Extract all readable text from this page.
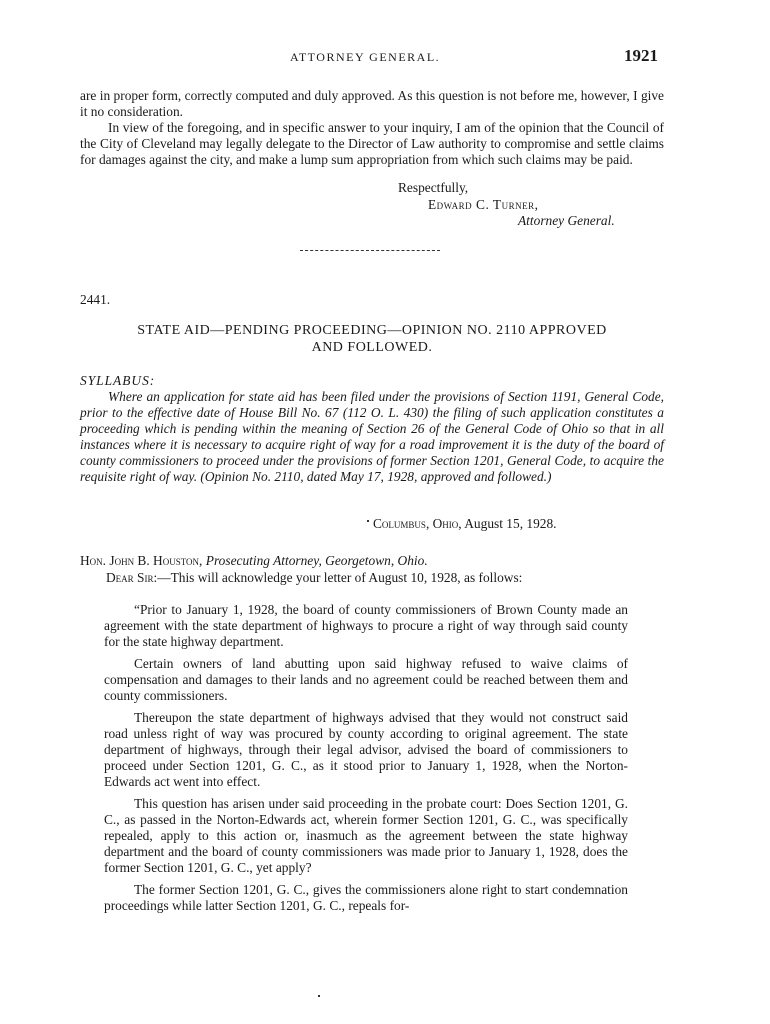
ATTORNEY GENERAL.	1921

are in proper form, correctly computed and duly approved. As this question is not before me, however, I give it no consideration.

In view of the foregoing, and in specific answer to your inquiry, I am of the opinion that the Council of the City of Cleveland may legally delegate to the Director of Law authority to compromise and settle claims for damages against the city, and make a lump sum appropriation from which such claims may be paid.

Respectfully,
Edward C. Turner,
Attorney General.
2441.
STATE AID—PENDING PROCEEDING—OPINION NO. 2110 APPROVED
AND FOLLOWED.
SYLLABUS:
Where an application for state aid has been filed under the provisions of Section 1191, General Code, prior to the effective date of House Bill No. 67 (112 O. L. 430) the filing of such application constitutes a proceeding which is pending within the meaning of Section 26 of the General Code of Ohio so that in all instances where it is necessary to acquire right of way for a road improvement it is the duty of the board of county commissioners to proceed under the provisions of former Section 1201, General Code, to acquire the requisite right of way. (Opinion No. 2110, dated May 17, 1928, approved and followed.)
Columbus, Ohio, August 15, 1928.
Hon. John B. Houston, Prosecuting Attorney, Georgetown, Ohio.
Dear Sir:—This will acknowledge your letter of August 10, 1928, as follows:

“Prior to January 1, 1928, the board of county commissioners of Brown County made an agreement with the state department of highways to procure a right of way through said county for the state highway department.

Certain owners of land abutting upon said highway refused to waive claims of compensation and damages to their lands and no agreement could be reached between them and county commissioners.

Thereupon the state department of highways advised that they would not construct said road unless right of way was procured by county according to original agreement. The state department of highways, through their legal advisor, advised the board of commissioners to proceed under Section 1201, G. C., as it stood prior to January 1, 1928, when the Norton-Edwards act went into effect.

This question has arisen under said proceeding in the probate court: Does Section 1201, G. C., as passed in the Norton-Edwards act, wherein former Section 1201, G. C., was specifically repealed, apply to this action or, inasmuch as the agreement between the state highway department and the board of county commissioners was made prior to January 1, 1928, does the former Section 1201, G. C., yet apply?

The former Section 1201, G. C., gives the commissioners alone right to start condemnation proceedings while latter Section 1201, G. C., repeals for-
